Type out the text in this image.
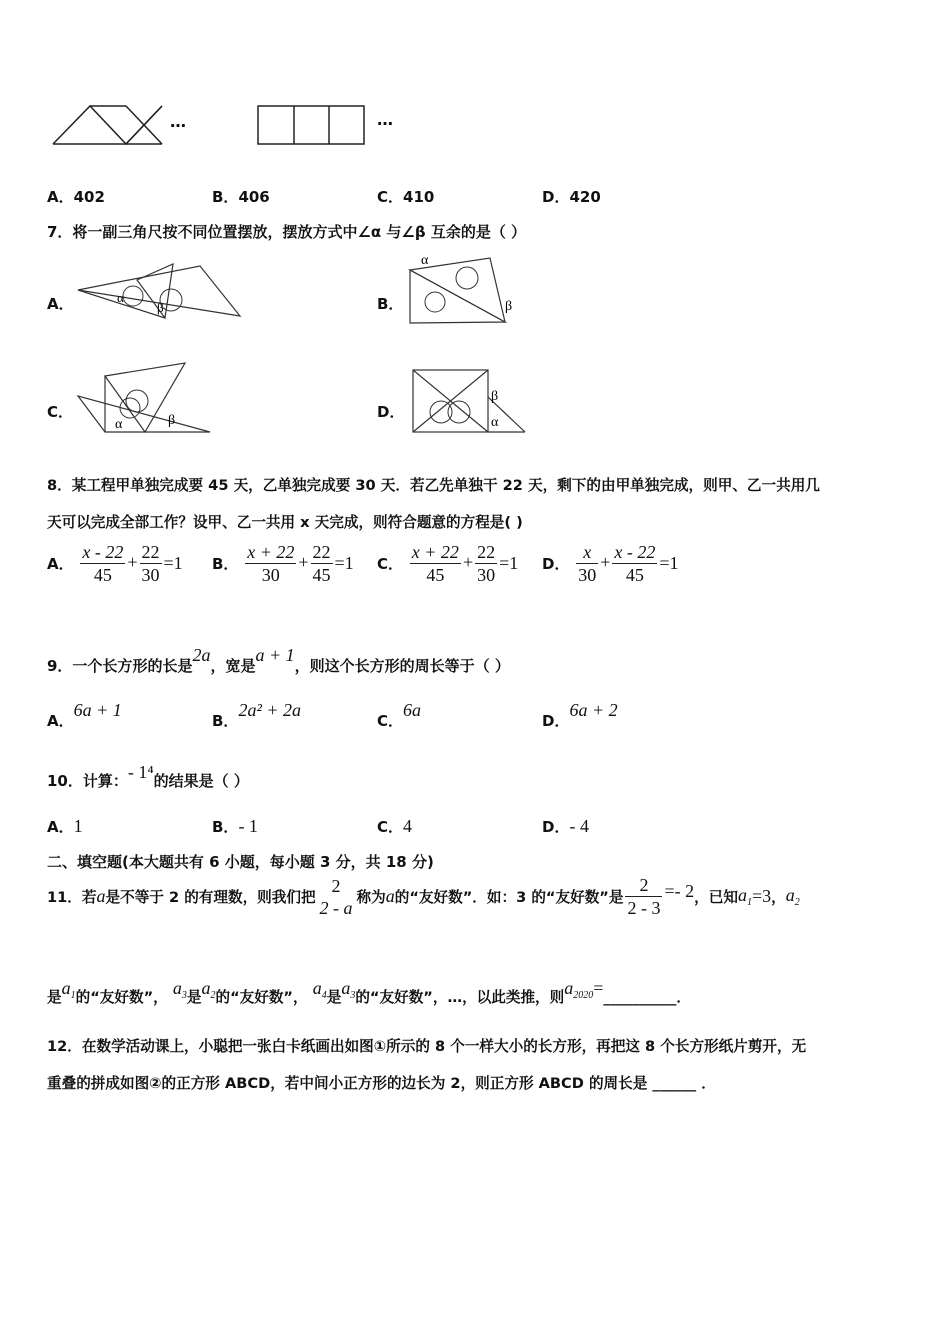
…	…
A．402	B．406	C．410	D．420
7．将一副三角尺按不同位置摆放，摆放方式中∠α 与∠β 互余的是（ ）
A．	α
β	B．
α
β
C．
α	β	D．
β
α
8．某工程甲单独完成要 45 天，乙单独完成要 30 天．若乙先单独干 22 天，剩下的由甲单独完成，则甲、乙一共用几
天可以完成全部工作？设甲、乙一共用 x 天完成，则符合题意的方程是( )
A． $\frac{x - 22}{45} + \frac{22}{30} =1$ B． $\frac{x + 22}{30} + \frac{22}{45} =1$ C． $\frac{x + 22}{45} + \frac{22}{30} =1$ D． $\frac{x}{30} + \frac{x - 22}{45} =1$
9．一个长方形的长是2a，宽是a + 1，则这个长方形的周长等于（ ）
A．6a + 1
B．2a² + 2a
C．6a
D．6a + 2
10．计算：- 1⁴的结果是（ ）
A．1	B．- 1	C．4	D．- 4
二、填空题(本大题共有 6 小题，每小题 3 分，共 18 分)
11．若a是不等于 2 的有理数，则我们把
2
2 - a 称为a的“友好数”．如：3 的“友好数”是 $\frac{2}{2 - 3} =- 2$，已知$a_1=3$，$a_2$
是$a_1$的“友好数”， $a_3$是$a_2$的“友好数”， $a_4$是$a_3$的“友好数”，…，以此类推，则$a_{2020}=\_\_\_\_\_\_\_\_\_\_$．
12．在数学活动课上，小聪把一张白卡纸画出如图①所示的 8 个一样大小的长方形，再把这 8 个长方形纸片剪开，无
重叠的拼成如图②的正方形 ABCD，若中间小正方形的边长为 2，则正方形 ABCD 的周长是 ______ ．
